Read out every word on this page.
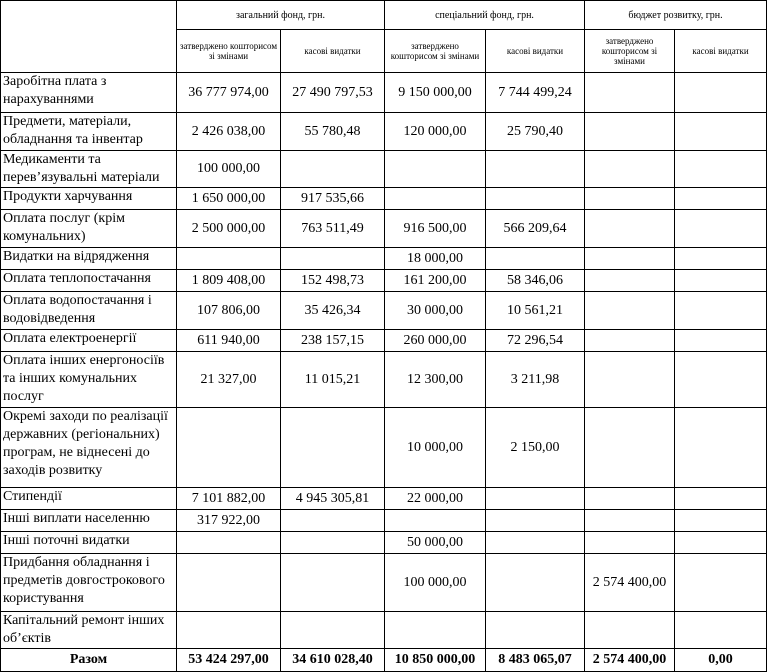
	загальний фонд, грн.		спеціальний фонд, грн.		бюджет розвитку, грн.	
	затверджено кошторисом зі змінами	касові видатки	затверджено кошторисом зі змінами	касові видатки	затверджено кошторисом зі змінами	касові видатки
Заробітна плата з нарахуваннями	36 777 974,00	27 490 797,53	9 150 000,00	7 744 499,24		
Предмети, матеріали, обладнання та інвентар	2 426 038,00	55 780,48	120 000,00	25 790,40		
Медикаменти та перев’язувальні матеріали	100 000,00					
Продукти харчування	1 650 000,00	917 535,66				
Оплата послуг (крім комунальних)	2 500 000,00	763 511,49	916 500,00	566 209,64		
Видатки на відрядження			18 000,00			
Оплата теплопостачання	1 809 408,00	152 498,73	161 200,00	58 346,06		
Оплата водопостачання і водовідведення	107 806,00	35 426,34	30 000,00	10 561,21		
Оплата електроенергії	611 940,00	238 157,15	260 000,00	72 296,54		
Оплата інших енергоносіїв та інших комунальних послуг	21 327,00	11 015,21	12 300,00	3 211,98		
Окремі заходи по реалізації державних (регіональних) програм, не віднесені до заходів розвитку			10 000,00	2 150,00		
Стипендії	7 101 882,00	4 945 305,81	22 000,00			
Інші виплати населенню	317 922,00					
Інші поточні видатки			50 000,00			
Придбання обладнання і предметів довгострокового користування			100 000,00		2 574 400,00	
Капітальний ремонт інших об’єктів						
Разом	53 424 297,00	34 610 028,40	10 850 000,00	8 483 065,07	2 574 400,00	0,00
